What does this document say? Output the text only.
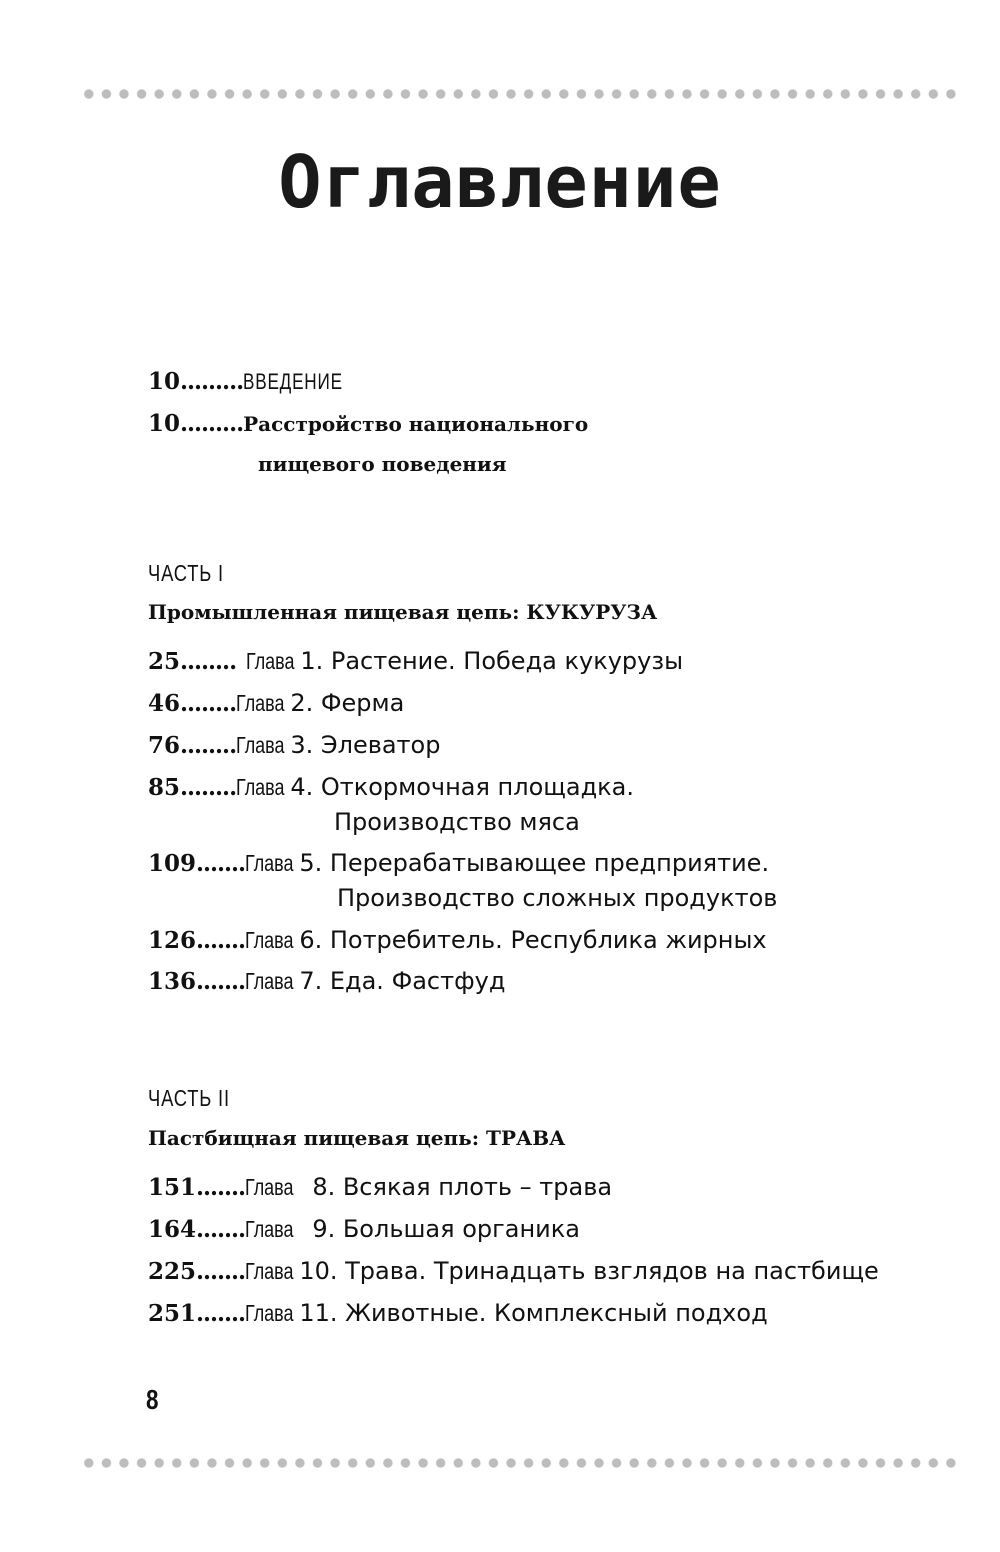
Оглавление
10.........ВВЕДЕНИЕ
10.........Расстройство национального
пищевого поведения
ЧАСТЬ I
Промышленная пищевая цепь: КУКУРУЗА
25........ Глава 1. Растение. Победа кукурузы
46........Глава 2. Ферма
76........Глава 3. Элеватор
85........Глава 4. Откормочная площадка.
Производство мяса
109.......Глава 5. Перерабатывающее предприятие.
Производство сложных продуктов
126.......Глава 6. Потребитель. Республика жирных
136.......Глава 7. Еда. Фастфуд
ЧАСТЬ II
Пастбищная пищевая цепь: ТРАВА
151.......Глава 8. Всякая плоть – трава
164.......Глава 9. Большая органика
225.......Глава 10. Трава. Тринадцать взглядов на пастбище
251.......Глава 11. Животные. Комплексный подход
8
